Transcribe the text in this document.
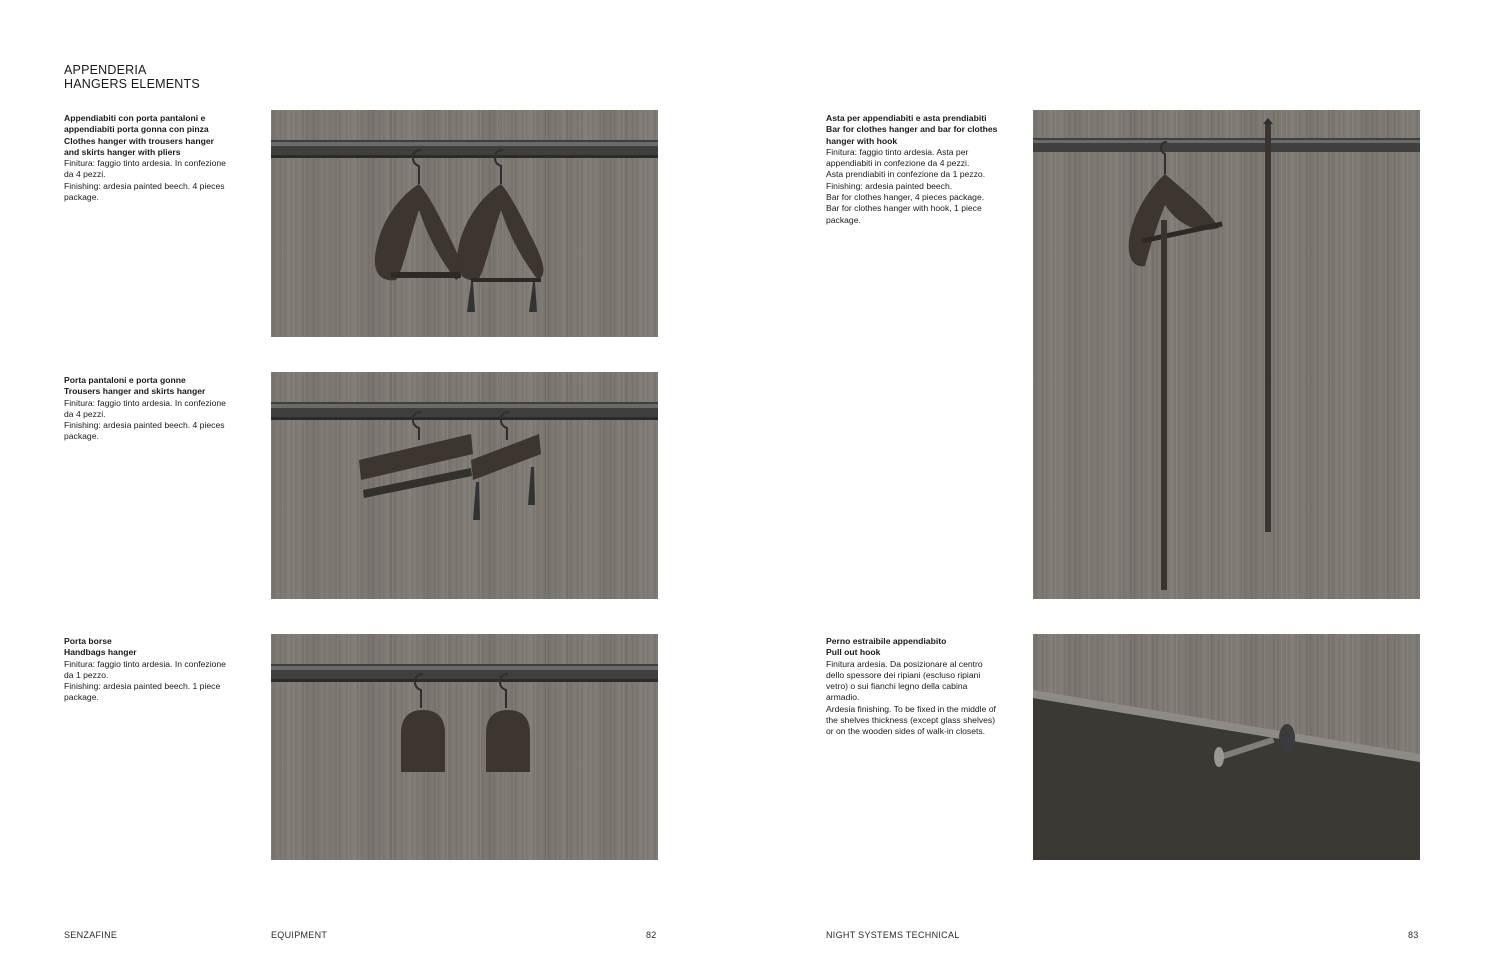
APPENDERIA
HANGERS ELEMENTS
Appendiabiti con porta pantaloni e
appendiabiti porta gonna con pinza
Clothes hanger with trousers hanger
and skirts hanger with pliers
Finitura: faggio tinto ardesia. In confezione
da 4 pezzi.
Finishing: ardesia painted beech. 4 pieces
package.
Porta pantaloni e porta gonne
Trousers hanger and skirts hanger
Finitura: faggio tinto ardesia. In confezione
da 4 pezzi.
Finishing: ardesia painted beech. 4 pieces
package.
Porta borse
Handbags hanger
Finitura: faggio tinto ardesia. In confezione
da 1 pezzo.
Finishing: ardesia painted beech. 1 piece
package.
Asta per appendiabiti e asta prendiabiti
Bar for clothes hanger and bar for clothes
hanger with hook
Finitura: faggio tinto ardesia. Asta per
appendiabiti in confezione da 4 pezzi.
Asta prendiabiti in confezione da 1 pezzo.
Finishing: ardesia painted beech.
Bar for clothes hanger, 4 pieces package.
Bar for clothes hanger with hook, 1 piece
package.
Perno estraibile appendiabito
Pull out hook
Finitura ardesia. Da posizionare al centro
dello spessore dei ripiani (escluso ripiani
vetro) o sui fianchi legno della cabina
armadio.
Ardesia finishing. To be fixed in the middle of
the shelves thickness (except glass shelves)
or on the wooden sides of walk-in closets.
SENZAFINE	EQUIPMENT	82	NIGHT SYSTEMS TECHNICAL	83
